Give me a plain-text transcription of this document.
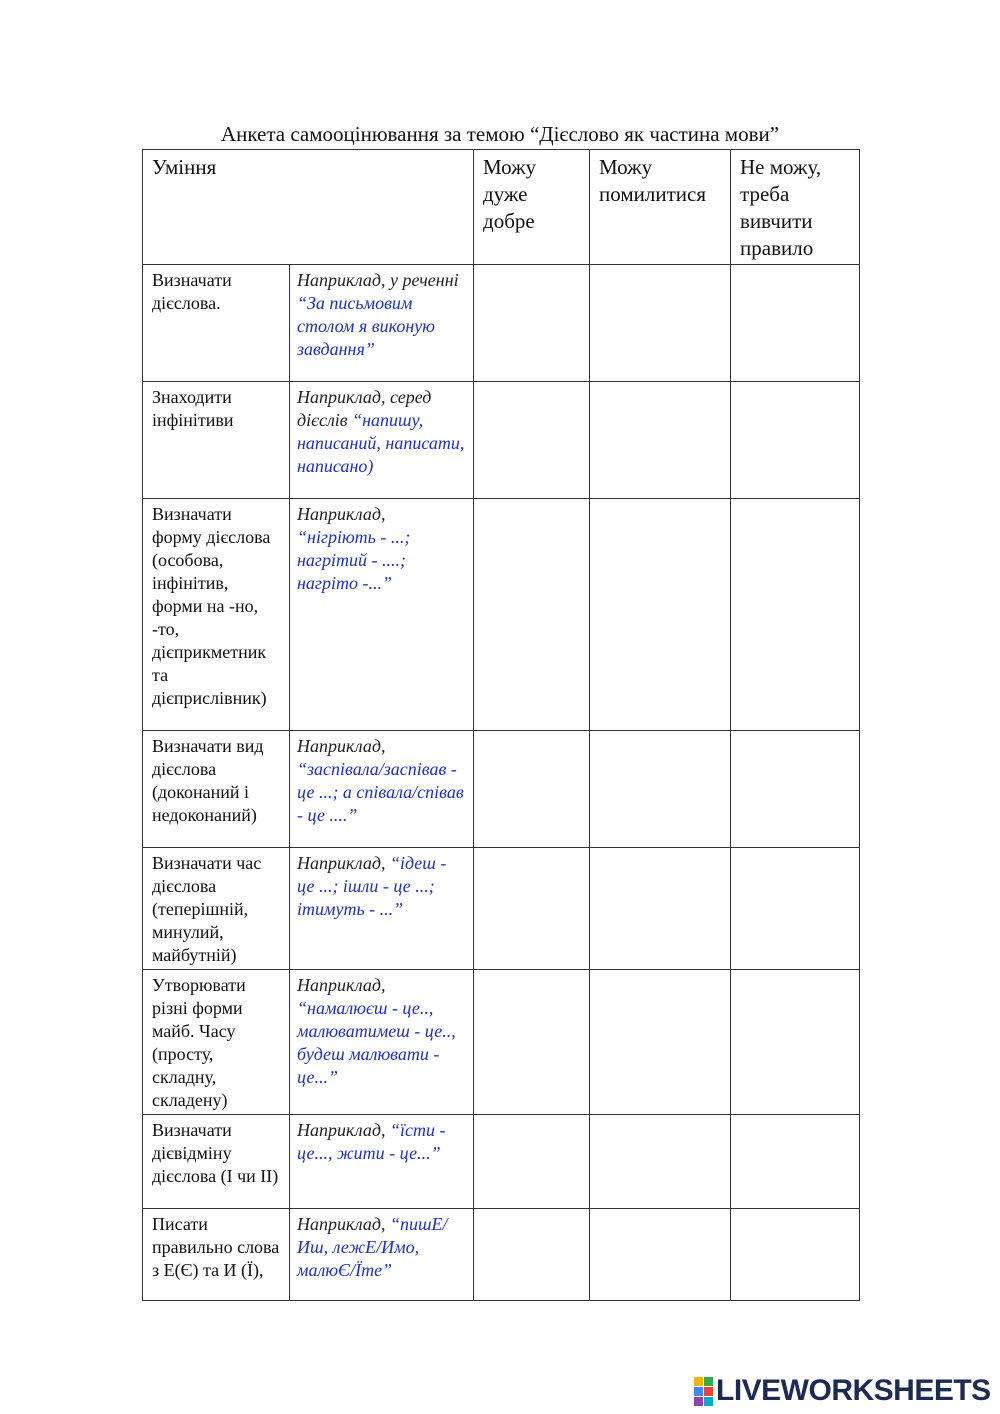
Анкета самооцінювання за темою “Дієслово як частина мови”
Уміння		Можу дуже добре	Можу помилитися	Не можу, треба вивчити правило
Визначати дієслова.	Наприклад, у реченні “За письмовим столом я виконую завдання”			
Знаходити інфінітиви	Наприклад, серед дієслів “напишу, написаний, написати, написано)			
Визначати форму дієслова (особова, інфінітив, форми на -но, -то, дієприкметник та дієприслівник)	Наприклад, “нігріють - ...; нагрітий - ....; нагріто -...”			
Визначати вид дієслова (доконаний і недоконаний)	Наприклад, “заспівала/заспівав - це ...; а співала/співав - це ....”			
Визначати час дієслова (теперішній, минулий, майбутній)	Наприклад, “ідеш - це ...; ішли - це ...; ітимуть - ...”			
Утворювати різні форми майб. Часу (просту, складну, складену)	Наприклад, “намалюєш - це.., малюватимеш - це.., будеш малювати - це...”			
Визначати дієвідміну дієслова (І чи ІІ)	Наприклад, “їсти - це..., жити - це...”			
Писати правильно слова з Е(Є) та И (Ї),	Наприклад, “пишЕ/Иш, лежЕ/Имо, малюЄ/Їте”			
LIVEWORKSHEETS
